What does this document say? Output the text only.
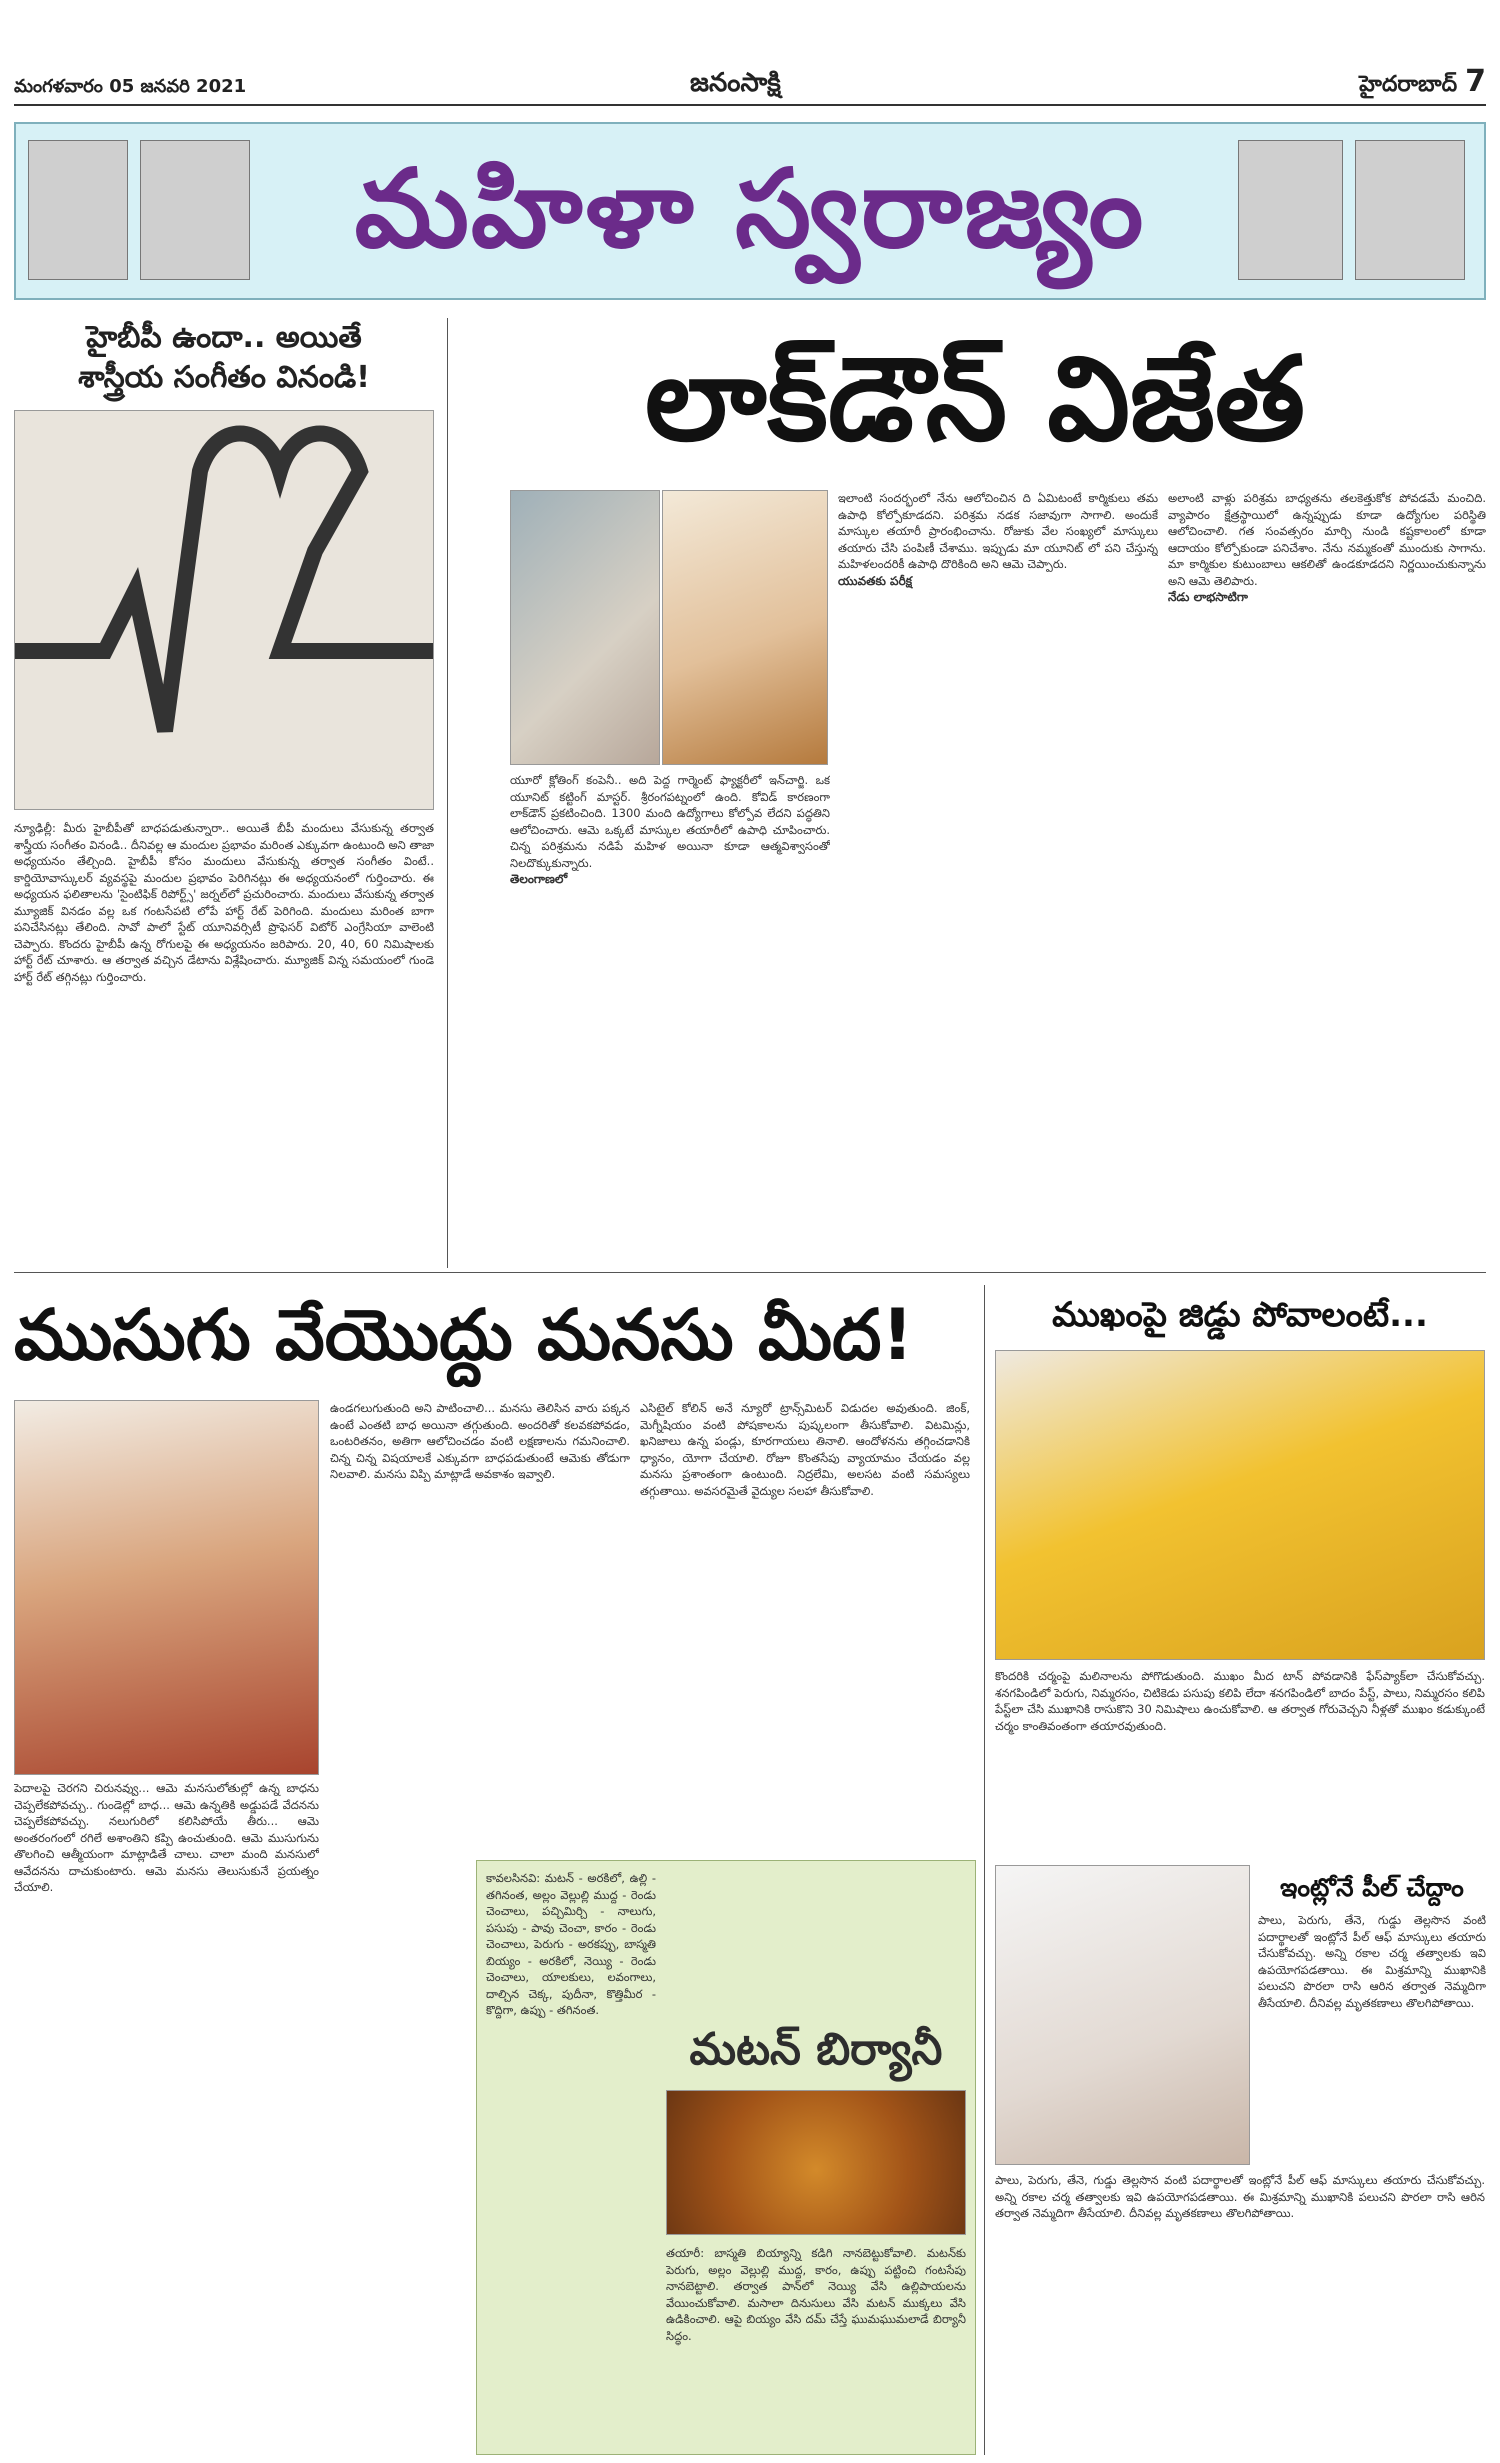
మంగళవారం 05 జనవరి 2021	జనంసాక్షి	హైదరాబాద్ 7
మహిళా స్వరాజ్యం
హైబీపీ ఉందా.. అయితే
శాస్త్రీయ సంగీతం వినండి!
న్యూఢిల్లీ: మీరు హైబీపీతో బాధపడుతున్నారా.. అయితే బీపీ మందులు వేసుకున్న తర్వాత శాస్త్రీయ సంగీతం వినండి.. దీనివల్ల ఆ మందుల ప్రభావం మరింత ఎక్కువగా ఉంటుంది అని తాజా అధ్యయనం తేల్చింది. హైబీపీ కోసం మందులు వేసుకున్న తర్వాత సంగీతం వింటే.. కార్డియోవాస్కులర్ వ్యవస్థపై మందుల ప్రభావం పెరిగినట్లు ఈ అధ్యయనంలో గుర్తించారు. ఈ అధ్యయన ఫలితాలను 'సైంటిఫిక్ రిపోర్ట్స్' జర్నల్‌లో ప్రచురించారు. మందులు వేసుకున్న తర్వాత మ్యూజిక్ వినడం వల్ల ఒక గంటసేపటి లోపే హార్ట్ రేట్ పెరిగింది. మందులు మరింత బాగా పనిచేసినట్లు తేలింది. సావో పాలో స్టేట్ యూనివర్సిటీ ప్రొఫెసర్ విటోర్ ఎంగ్రేసియా వాలెంటి చెప్పారు. కొందరు హైబీపీ ఉన్న రోగులపై ఈ అధ్యయనం జరిపారు. 20, 40, 60 నిమిషాలకు హార్ట్ రేట్ చూశారు. ఆ తర్వాత వచ్చిన డేటాను విశ్లేషించారు. మ్యూజిక్ విన్న సమయంలో గుండె హార్ట్ రేట్ తగ్గినట్లు గుర్తించారు.
లాక్‌డౌన్ విజేత
యూరో క్లోతింగ్ కంపెనీ.. అది పెద్ద గార్మెంట్ ఫ్యాక్టరీలో ఇన్‌చార్జి. ఒక యూనిట్ కట్టింగ్ మాస్టర్. శ్రీరంగపట్నంలో ఉంది. కోవిడ్ కారణంగా లాక్‌డౌన్ ప్రకటించింది. 1300 మంది ఉద్యోగాలు కోల్పోవ లేదని పద్ధతిని ఆలోచించారు. ఆమె ఒక్కటే మాస్కుల తయారీలో ఉపాధి చూపించారు. చిన్న పరిశ్రమను నడిపే మహిళ అయినా కూడా ఆత్మవిశ్వాసంతో నిలదొక్కుకున్నారు.
తెలంగాణలో
ఇలాంటి సందర్భంలో నేను ఆలోచించిన ది ఏమిటంటే కార్మికులు తమ ఉపాధి కోల్పోకూడదని. పరిశ్రమ నడక సజావుగా సాగాలి. అందుకే మాస్కుల తయారీ ప్రారంభించాను. రోజుకు వేల సంఖ్యలో మాస్కులు తయారు చేసి పంపిణీ చేశాము. ఇప్పుడు మా యూనిట్ లో పని చేస్తున్న మహిళలందరికీ ఉపాధి దొరికింది అని ఆమె చెప్పారు.
యువతకు పరీక్ష
అలాంటి వాళ్లు పరిశ్రమ బాధ్యతను తలకెత్తుకోక పోవడమే మంచిది. వ్యాపారం క్షేత్రస్థాయిలో ఉన్నప్పుడు కూడా ఉద్యోగుల పరిస్థితి ఆలోచించాలి. గత సంవత్సరం మార్చి నుండి కష్టకాలంలో కూడా ఆదాయం కోల్పోకుండా పనిచేశాం. నేను నమ్మకంతో ముందుకు సాగాను. మా కార్మికుల కుటుంబాలు ఆకలితో ఉండకూడదని నిర్ణయించుకున్నాను అని ఆమె తెలిపారు.
నేడు లాభసాటిగా
ముసుగు వేయొద్దు మనసు మీద!
పెదాలపై చెరగని చిరునవ్వు... ఆమె మనసులోతుల్లో ఉన్న బాధను చెప్పలేకపోవచ్చు.. గుండెల్లో బాధ... ఆమె ఉన్నతికి అడ్డుపడే వేదనను చెప్పలేకపోవచ్చు. నలుగురిలో కలిసిపోయే తీరు... ఆమె అంతరంగంలో రగిలే అశాంతిని కప్పి ఉంచుతుంది. ఆమె ముసుగును తొలగించి ఆత్మీయంగా మాట్లాడితే చాలు. చాలా మంది మనసులో ఆవేదనను దాచుకుంటారు. ఆమె మనసు తెలుసుకునే ప్రయత్నం చేయాలి.
ఉండగలుగుతుంది అని పాటించాలి... మనసు తెలిసిన వారు పక్కన ఉంటే ఎంతటి బాధ అయినా తగ్గుతుంది. అందరితో కలవకపోవడం, ఒంటరితనం, అతిగా ఆలోచించడం వంటి లక్షణాలను గమనించాలి. చిన్న చిన్న విషయాలకే ఎక్కువగా బాధపడుతుంటే ఆమెకు తోడుగా నిలవాలి. మనసు విప్పి మాట్లాడే అవకాశం ఇవ్వాలి.
ఎసిటైల్ కోలిన్ అనే న్యూరో ట్రాన్స్‌మిటర్ విడుదల అవుతుంది. జింక్, మెగ్నీషియం వంటి పోషకాలను పుష్కలంగా తీసుకోవాలి. విటమిన్లు, ఖనిజాలు ఉన్న పండ్లు, కూరగాయలు తినాలి. ఆందోళనను తగ్గించడానికి ధ్యానం, యోగా చేయాలి. రోజూ కొంతసేపు వ్యాయామం చేయడం వల్ల మనసు ప్రశాంతంగా ఉంటుంది. నిద్రలేమి, అలసట వంటి సమస్యలు తగ్గుతాయి. అవసరమైతే వైద్యుల సలహా తీసుకోవాలి.
కావలసినవి: మటన్ - అరకిలో, ఉల్లి - తగినంత, అల్లం వెల్లుల్లి ముద్ద - రెండు చెంచాలు, పచ్చిమిర్చి - నాలుగు, పసుపు - పావు చెంచా, కారం - రెండు చెంచాలు, పెరుగు - అరకప్పు, బాస్మతి బియ్యం - అరకిలో, నెయ్యి - రెండు చెంచాలు, యాలకులు, లవంగాలు, దాల్చిన చెక్క, పుదీనా, కొత్తిమీర - కొద్దిగా, ఉప్పు - తగినంత.
మటన్ బిర్యానీ
తయారీ: బాస్మతి బియ్యాన్ని కడిగి నానబెట్టుకోవాలి. మటన్‌కు పెరుగు, అల్లం వెల్లుల్లి ముద్ద, కారం, ఉప్పు పట్టించి గంటసేపు నానబెట్టాలి. తర్వాత పాన్‌లో నెయ్యి వేసి ఉల్లిపాయలను వేయించుకోవాలి. మసాలా దినుసులు వేసి మటన్ ముక్కలు వేసి ఉడికించాలి. ఆపై బియ్యం వేసి దమ్ చేస్తే ఘుమఘుమలాడే బిర్యానీ సిద్ధం.
ముఖంపై జిడ్డు పోవాలంటే...
కొందరికి చర్మంపై మలినాలను పోగొడుతుంది. ముఖం మీద టాన్ పోవడానికి ఫేస్‌ప్యాక్‌లా చేసుకోవచ్చు. శనగపిండిలో పెరుగు, నిమ్మరసం, చిటికెడు పసుపు కలిపి లేదా శనగపిండిలో బాదం పేస్ట్, పాలు, నిమ్మరసం కలిపి పేస్ట్‌లా చేసి ముఖానికి రాసుకొని 30 నిమిషాలు ఉంచుకోవాలి. ఆ తర్వాత గోరువెచ్చని నీళ్లతో ముఖం కడుక్కుంటే చర్మం కాంతివంతంగా తయారవుతుంది.
ఇంట్లోనే పీల్ చేద్దాం
పాలు, పెరుగు, తేనె, గుడ్డు తెల్లసొన వంటి పదార్థాలతో ఇంట్లోనే పీల్ ఆఫ్ మాస్కులు తయారు చేసుకోవచ్చు. అన్ని రకాల చర్మ తత్వాలకు ఇవి ఉపయోగపడతాయి. ఈ మిశ్రమాన్ని ముఖానికి పలుచని పొరలా రాసి ఆరిన తర్వాత నెమ్మదిగా తీసేయాలి. దీనివల్ల మృతకణాలు తొలగిపోతాయి.
పాలు, పెరుగు, తేనె, గుడ్డు తెల్లసొన వంటి పదార్థాలతో ఇంట్లోనే పీల్ ఆఫ్ మాస్కులు తయారు చేసుకోవచ్చు. అన్ని రకాల చర్మ తత్వాలకు ఇవి ఉపయోగపడతాయి. ఈ మిశ్రమాన్ని ముఖానికి పలుచని పొరలా రాసి ఆరిన తర్వాత నెమ్మదిగా తీసేయాలి. దీనివల్ల మృతకణాలు తొలగిపోతాయి.
